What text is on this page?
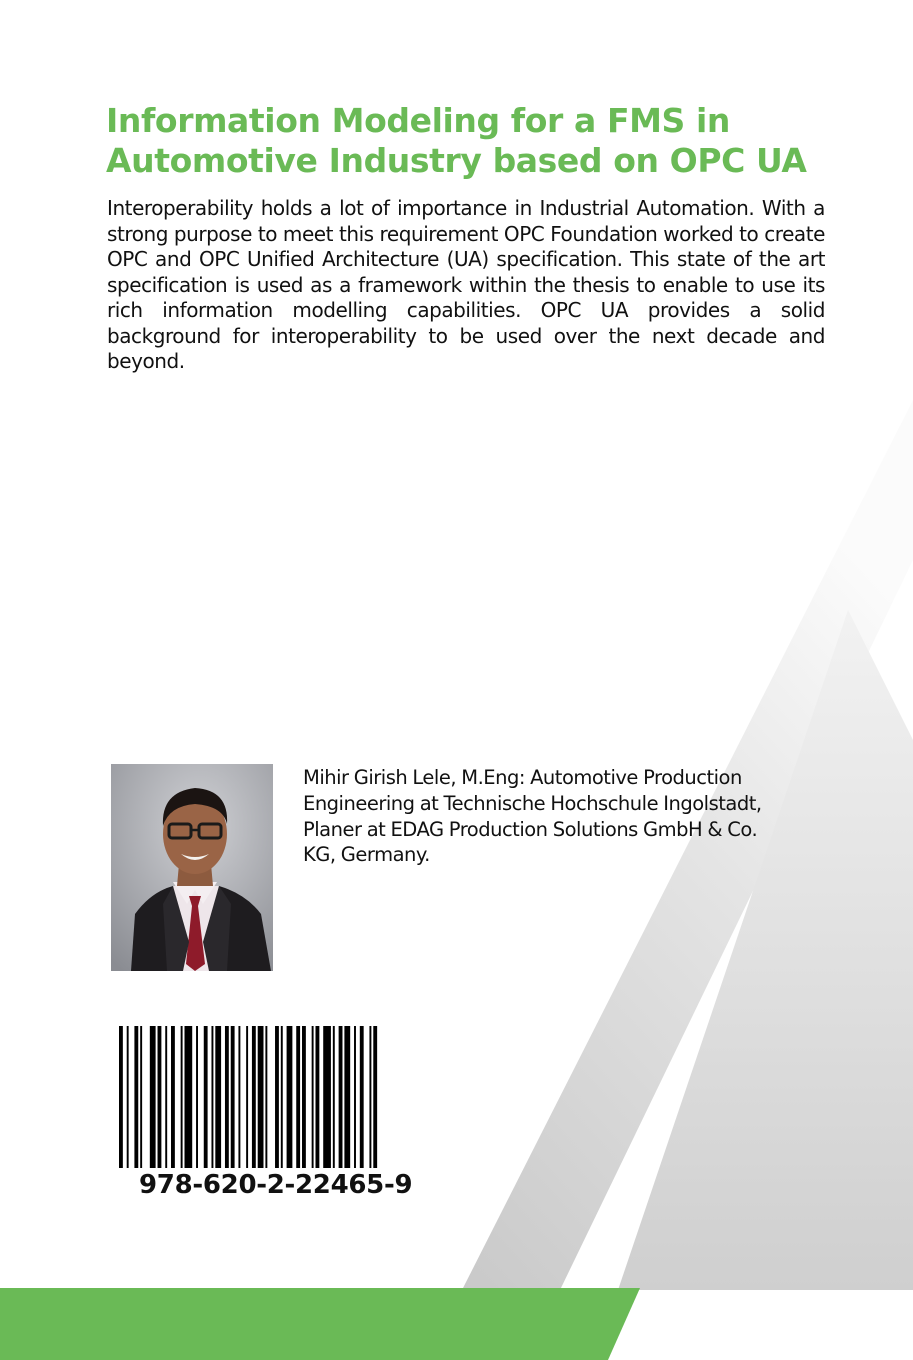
Information Modeling for a FMS in
Automotive Industry based on OPC UA

Interoperability holds a lot of importance in Industrial Automation. With a strong purpose to meet this requirement OPC Foundation worked to create OPC and OPC Unified Architecture (UA) specification. This state of the art specification is used as a framework within the thesis to enable to use its rich information modelling capabilities. OPC UA provides a solid background for interoperability to be used over the next decade and beyond.

Mihir Girish Lele, M.Eng: Automotive Production
Engineering at Technische Hochschule Ingolstadt,
Planer at EDAG Production Solutions GmbH & Co.
KG, Germany.

978-620-2-22465-9
